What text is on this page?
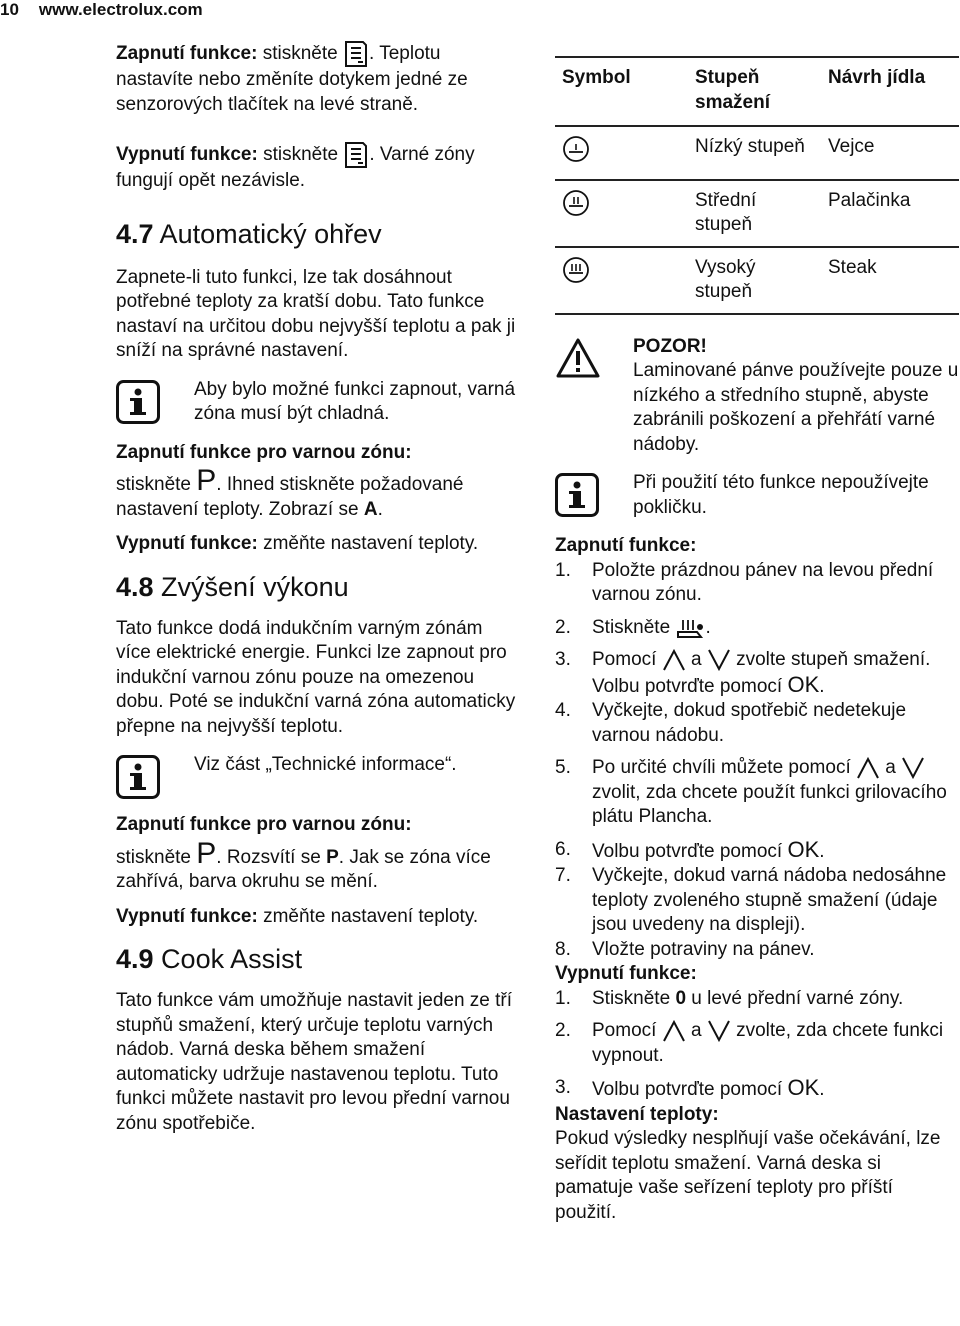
10 www.electrolux.com

Zapnutí funkce: stiskněte . Teplotu nastavíte nebo změníte dotykem jedné ze senzorových tlačítek na levé straně.

Vypnutí funkce: stiskněte . Varné zóny fungují opět nezávisle.

4.7 Automatický ohřev

Zapnete-li tuto funkci, lze tak dosáhnout potřebné teploty za kratší dobu. Tato funkce nastaví na určitou dobu nejvyšší teplotu a pak ji sníží na správné nastavení.

Aby bylo možné funkci zapnout, varná zóna musí být chladná.

Zapnutí funkce pro varnou zónu:

stiskněte P. Ihned stiskněte požadované nastavení teploty. Zobrazí se A.

Vypnutí funkce: změňte nastavení teploty.

4.8 Zvýšení výkonu

Tato funkce dodá indukčním varným zónám více elektrické energie. Funkci lze zapnout pro indukční varnou zónu pouze na omezenou dobu. Poté se indukční varná zóna automaticky přepne na nejvyšší teplotu.

Viz část „Technické informace“.

Zapnutí funkce pro varnou zónu:

stiskněte P. Rozsvítí se P. Jak se zóna více zahřívá, barva okruhu se mění.

Vypnutí funkce: změňte nastavení teploty.

4.9 Cook Assist

Tato funkce vám umožňuje nastavit jeden ze tří stupňů smažení, který určuje teplotu varných nádob. Varná deska během smažení automaticky udržuje nastavenou teplotu. Tuto funkci můžete nastavit pro levou přední varnou zónu spotřebiče.

Symbol	Stupeň smažení	Návrh jídla
	Nízký stupeň	Vejce
	Střední stupeň	Palačinka
	Vysoký stupeň	Steak

POZOR!

Laminované pánve používejte pouze u nízkého a středního stupně, abyste zabránili poškození a přehřátí varné nádoby.

Při použití této funkce nepoužívejte pokličku.

Zapnutí funkce:

1.	Položte prázdnou pánev na levou přední varnou zónu.
2.	Stiskněte .
3.	Pomocí  a  zvolte stupeň smažení. Volbu potvrďte pomocí OK.
4.	Vyčkejte, dokud spotřebič nedetekuje varnou nádobu.
5.	Po určité chvíli můžete pomocí  a  zvolit, zda chcete použít funkci grilovacího plátu Plancha.
6.	Volbu potvrďte pomocí OK.
7.	Vyčkejte, dokud varná nádoba nedosáhne teploty zvoleného stupně smažení (údaje jsou uvedeny na displeji).
8.	Vložte potraviny na pánev.

Vypnutí funkce:

1.	Stiskněte 0 u levé přední varné zóny.
2.	Pomocí  a  zvolte, zda chcete funkci vypnout.
3.	Volbu potvrďte pomocí OK.

Nastavení teploty:

Pokud výsledky nesplňují vaše očekávání, lze seřídit teplotu smažení. Varná deska si pamatuje vaše seřízení teploty pro příští použití.
